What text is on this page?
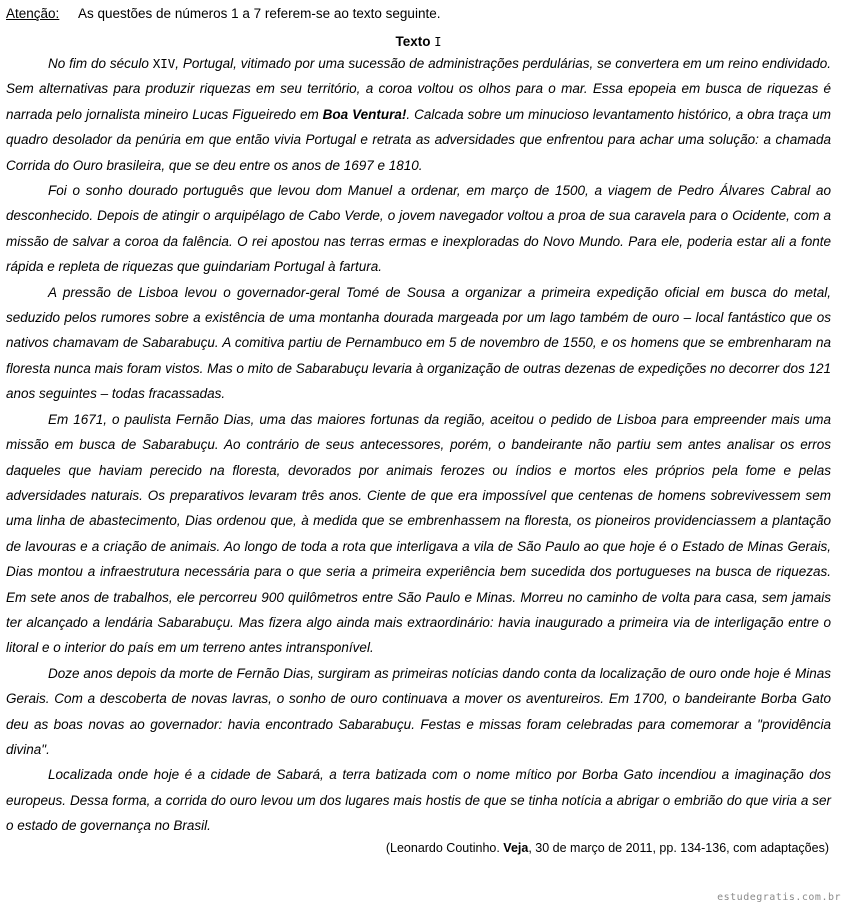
Atenção:	As questões de números 1 a 7 referem-se ao texto seguinte.
Texto I

No fim do século XIV, Portugal, vitimado por uma sucessão de administrações perdulárias, se convertera em um reino endividado. Sem alternativas para produzir riquezas em seu território, a coroa voltou os olhos para o mar. Essa epopeia em busca de riquezas é narrada pelo jornalista mineiro Lucas Figueiredo em Boa Ventura!. Calcada sobre um minucioso levantamento histórico, a obra traça um quadro desolador da penúria em que então vivia Portugal e retrata as adversidades que enfrentou para achar uma solução: a chamada Corrida do Ouro brasileira, que se deu entre os anos de 1697 e 1810.

Foi o sonho dourado português que levou dom Manuel a ordenar, em março de 1500, a viagem de Pedro Álvares Cabral ao desconhecido. Depois de atingir o arquipélago de Cabo Verde, o jovem navegador voltou a proa de sua caravela para o Ocidente, com a missão de salvar a coroa da falência. O rei apostou nas terras ermas e inexploradas do Novo Mundo. Para ele, poderia estar ali a fonte rápida e repleta de riquezas que guindariam Portugal à fartura.

A pressão de Lisboa levou o governador-geral Tomé de Sousa a organizar a primeira expedição oficial em busca do metal, seduzido pelos rumores sobre a existência de uma montanha dourada margeada por um lago também de ouro – local fantástico que os nativos chamavam de Sabarabuçu. A comitiva partiu de Pernambuco em 5 de novembro de 1550, e os homens que se embrenharam na floresta nunca mais foram vistos. Mas o mito de Sabarabuçu levaria à organização de outras dezenas de expedições no decorrer dos 121 anos seguintes – todas fracassadas.

Em 1671, o paulista Fernão Dias, uma das maiores fortunas da região, aceitou o pedido de Lisboa para empreender mais uma missão em busca de Sabarabuçu. Ao contrário de seus antecessores, porém, o bandeirante não partiu sem antes analisar os erros daqueles que haviam perecido na floresta, devorados por animais ferozes ou índios e mortos eles próprios pela fome e pelas adversidades naturais. Os preparativos levaram três anos. Ciente de que era impossível que centenas de homens sobrevivessem sem uma linha de abastecimento, Dias ordenou que, à medida que se embrenhassem na floresta, os pioneiros providenciassem a plantação de lavouras e a criação de animais. Ao longo de toda a rota que interligava a vila de São Paulo ao que hoje é o Estado de Minas Gerais, Dias montou a infraestrutura necessária para o que seria a primeira experiência bem sucedida dos portugueses na busca de riquezas. Em sete anos de trabalhos, ele percorreu 900 quilômetros entre São Paulo e Minas. Morreu no caminho de volta para casa, sem jamais ter alcançado a lendária Sabarabuçu. Mas fizera algo ainda mais extraordinário: havia inaugurado a primeira via de interligação entre o litoral e o interior do país em um terreno antes intransponível.

Doze anos depois da morte de Fernão Dias, surgiram as primeiras notícias dando conta da localização de ouro onde hoje é Minas Gerais. Com a descoberta de novas lavras, o sonho de ouro continuava a mover os aventureiros. Em 1700, o bandeirante Borba Gato deu as boas novas ao governador: havia encontrado Sabarabuçu. Festas e missas foram celebradas para comemorar a "providência divina".

Localizada onde hoje é a cidade de Sabará, a terra batizada com o nome mítico por Borba Gato incendiou a imaginação dos europeus. Dessa forma, a corrida do ouro levou um dos lugares mais hostis de que se tinha notícia a abrigar o embrião do que viria a ser o estado de governança no Brasil.

(Leonardo Coutinho. Veja, 30 de março de 2011, pp. 134-136, com adaptações)
estudegratis.com.br
